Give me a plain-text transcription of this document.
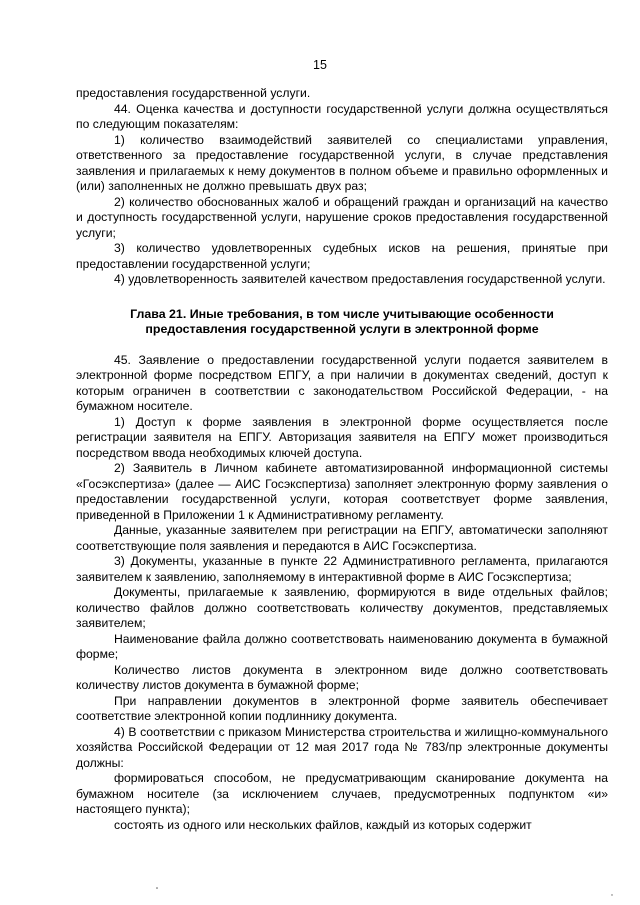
15

предоставления государственной услуги.

44. Оценка качества и доступности государственной услуги должна осуществляться по следующим показателям:

1) количество взаимодействий заявителей со специалистами управления, ответственного за предоставление государственной услуги, в случае представления заявления и прилагаемых к нему документов в полном объеме и правильно оформленных и (или) заполненных не должно превышать двух раз;

2) количество обоснованных жалоб и обращений граждан и организаций на качество и доступность государственной услуги, нарушение сроков предоставления государственной услуги;

3) количество удовлетворенных судебных исков на решения, принятые при предоставлении государственной услуги;

4) удовлетворенность заявителей качеством предоставления государственной услуги.

Глава 21. Иные требования, в том числе учитывающие особенности
предоставления государственной услуги в электронной форме

45. Заявление о предоставлении государственной услуги подается заявителем в электронной форме посредством ЕПГУ, а при наличии в документах сведений, доступ к которым ограничен в соответствии с законодательством Российской Федерации, - на бумажном носителе.

1) Доступ к форме заявления в электронной форме осуществляется после регистрации заявителя на ЕПГУ. Авторизация заявителя на ЕПГУ может производиться посредством ввода необходимых ключей доступа.

2) Заявитель в Личном кабинете автоматизированной информационной системы «Госэкспертиза» (далее — АИС Госэкспертиза) заполняет электронную форму заявления о предоставлении государственной услуги, которая соответствует форме заявления, приведенной в Приложении 1 к Административному регламенту.

Данные, указанные заявителем при регистрации на ЕПГУ, автоматически заполняют соответствующие поля заявления и передаются в АИС Госэкспертиза.

3) Документы, указанные в пункте 22 Административного регламента, прилагаются заявителем к заявлению, заполняемому в интерактивной форме в АИС Госэкспертиза;

Документы, прилагаемые к заявлению, формируются в виде отдельных файлов; количество файлов должно соответствовать количеству документов, представляемых заявителем;

Наименование файла должно соответствовать наименованию документа в бумажной форме;

Количество листов документа в электронном виде должно соответствовать количеству листов документа в бумажной форме;

При направлении документов в электронной форме заявитель обеспечивает соответствие электронной копии подлиннику документа.

4) В соответствии с приказом Министерства строительства и жилищно-коммунального хозяйства Российской Федерации от 12 мая 2017 года № 783/пр электронные документы должны:

формироваться способом, не предусматривающим сканирование документа на бумажном носителе (за исключением случаев, предусмотренных подпунктом «и» настоящего пункта);

состоять из одного или нескольких файлов, каждый из которых содержит
